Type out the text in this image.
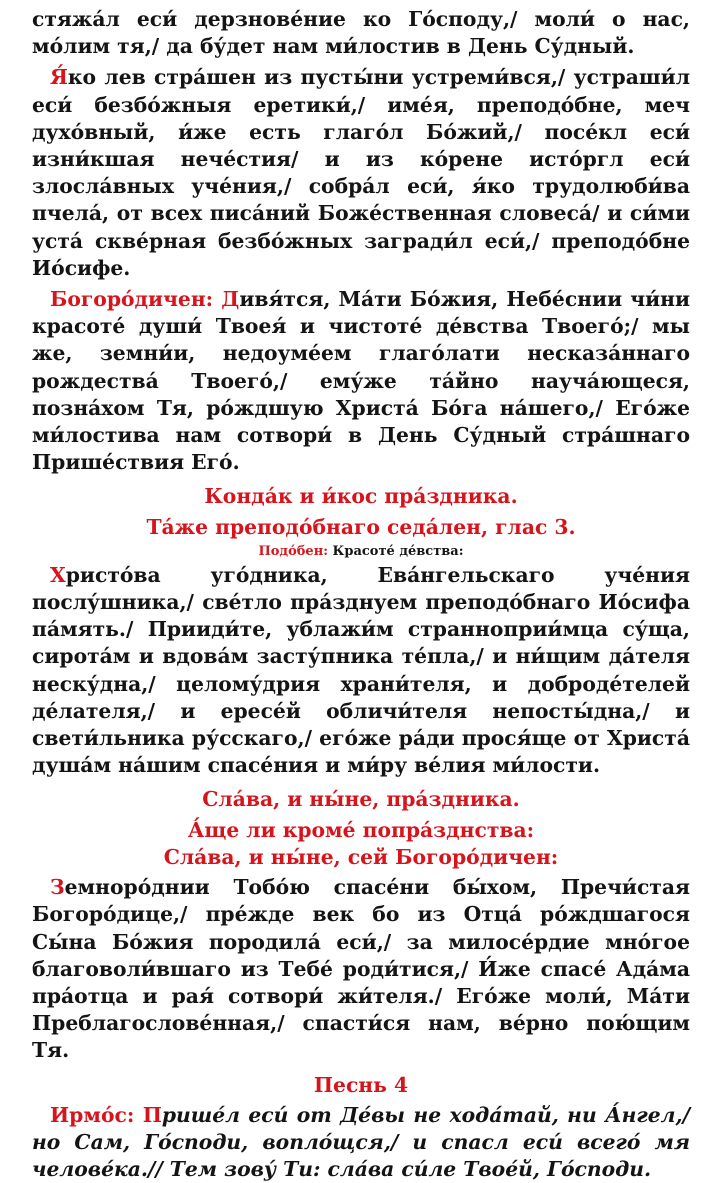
стяжа́л еси́ дерзнове́ние ко Го́споду,/ моли́ о нас, мо́лим тя,/ да бу́дет нам ми́лостив в День Су́дный.

Я́ко лев стра́шен из пусты́ни устреми́вся,/ устраши́л еси́ безбо́жныя еретики́,/ име́я, преподо́бне, меч духо́вный, и́же есть глаго́л Бо́жий,/ посе́кл еси́ изни́кшая нече́стия/ и из ко́рене исто́ргл еси́ злосла́вных уче́ния,/ собра́л еси́, я́ко трудолюби́ва пчела́, от всех писа́ний Боже́ственная словеса́/ и си́ми уста́ скве́рная безбо́жных загради́л еси́,/ преподо́бне Ио́сифе.

Богоро́дичен: Дивя́тся, Ма́ти Бо́жия, Небе́снии чи́ни красоте́ души́ Твоея́ и чистоте́ де́вства Твоего́;/ мы же, земни́и, недоуме́ем глаго́лати несказа́ннаго рождества́ Твоего́,/ ему́же та́йно науча́ющеся, позна́хом Тя, ро́ждшую Христа́ Бо́га на́шего,/ Его́же ми́лостива нам сотвори́ в День Су́дный стра́шнаго Прише́ствия Его́.

Конда́к и и́кос пра́здника.
Та́же преподо́бнаго седа́лен, глас 3.
Подо́бен: Красоте́ де́вства:

Христо́ва уго́дника, Ева́нгельскаго уче́ния послу́шника,/ све́тло пра́зднуем преподо́бнаго Ио́сифа па́мять./ Прииди́те, ублажи́м странноприи́мца су́ща, сирота́м и вдова́м засту́пника те́пла,/ и ни́щим да́теля неску́дна,/ целому́дрия храни́теля, и доброде́телей де́лателя,/ и ересе́й обличи́теля непосты́дна,/ и свети́льника ру́сскаго,/ его́же ра́ди прося́ще от Христа́ душа́м на́шим спасе́ния и ми́ру ве́лия ми́лости.

Сла́ва, и ны́не, пра́здника.
А́ще ли кроме́ попра́зднства:
Сла́ва, и ны́не, сей Богоро́дичен:

Земноро́днии Тобо́ю спасе́ни бы́хом, Пречи́стая Богоро́дице,/ пре́жде век бо из Отца́ ро́ждшагося Сы́на Бо́жия породила́ еси́,/ за милосе́рдие мно́гое благоволи́вшаго из Тебе́ роди́тися,/ И́же спасе́ Ада́ма пра́отца и рая́ сотвори́ жи́теля./ Его́же моли́, Ма́ти Преблагослове́нная,/ спасти́ся нам, ве́рно пою́щим Тя.

Песнь 4

Ирмо́с: Прише́л еси́ от Де́вы не хода́тай, ни А́нгел,/ но Сам, Го́споди, вопло́щся,/ и спасл еси́ всего́ мя челове́ка.// Тем зову́ Ти: сла́ва си́ле Твое́й, Го́споди.
